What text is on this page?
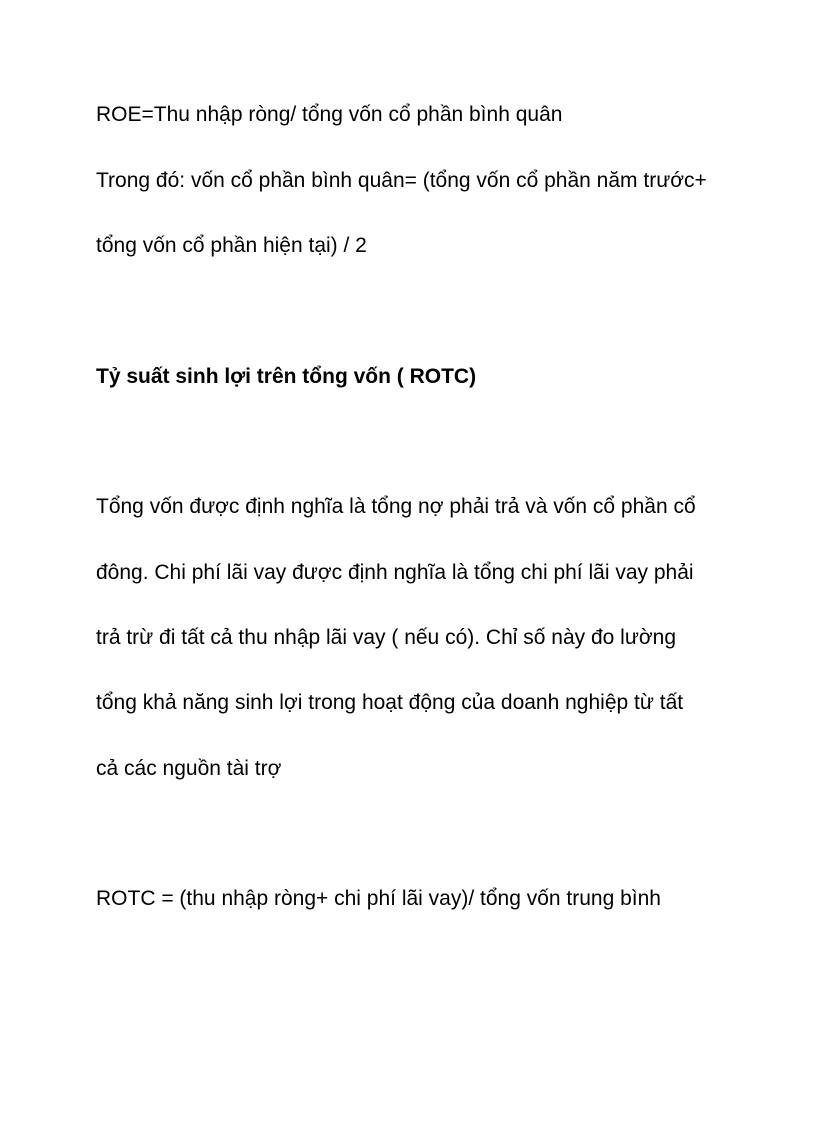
ROE=Thu nhập ròng/ tổng vốn cổ phần bình quân

Trong đó: vốn cổ phần bình quân= (tổng vốn cổ phần năm trước+

tổng vốn cổ phần hiện tại) / 2

Tỷ suất sinh lợi trên tổng vốn ( ROTC)

Tổng vốn được định nghĩa là tổng nợ phải trả và vốn cổ phần cổ

đông. Chi phí lãi vay được định nghĩa là tổng chi phí lãi vay phải

trả trừ đi tất cả thu nhập lãi vay ( nếu có). Chỉ số này đo lường

tổng khả năng sinh lợi trong hoạt động của doanh nghiệp từ tất

cả các nguồn tài trợ

ROTC = (thu nhập ròng+ chi phí lãi vay)/ tổng vốn trung bình
